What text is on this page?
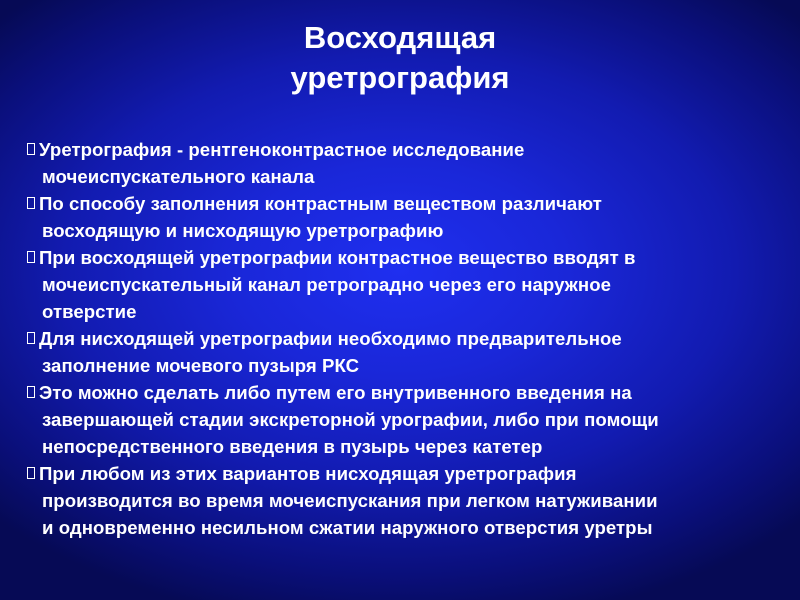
Восходящая
уретрография
Уретрография - рентгеноконтрастное исследование
мочеиспускательного канала
По способу заполнения контрастным веществом различают
восходящую и нисходящую уретрографию
При восходящей уретрографии контрастное вещество вводят в
мочеиспускательный канал ретроградно через его наружное
отверстие
Для нисходящей уретрографии необходимо предварительное
заполнение мочевого пузыря РКС
Это можно сделать либо путем его внутривенного введения на
завершающей стадии экскреторной урографии, либо при помощи
непосредственного введения в пузырь через катетер
При любом из этих вариантов нисходящая уретрография
производится во время мочеиспускания при легком натуживании
и одновременно несильном сжатии наружного отверстия уретры
